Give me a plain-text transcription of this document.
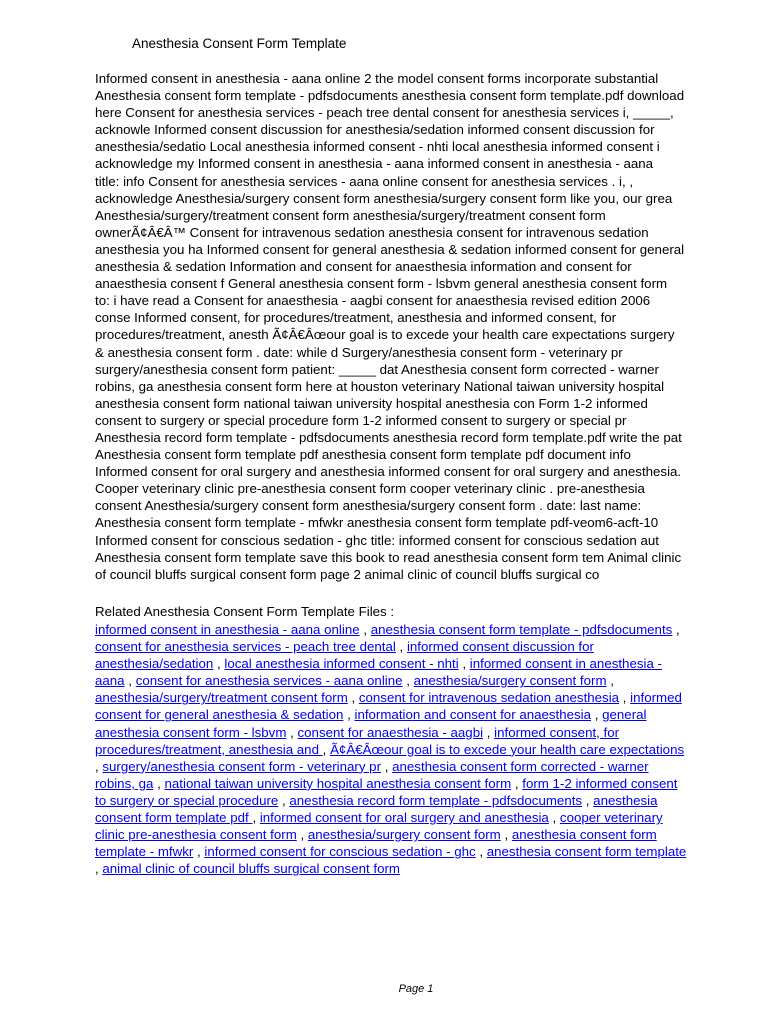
Anesthesia Consent Form Template
Informed consent in anesthesia - aana online 2 the model consent forms incorporate substantial
Anesthesia consent form template - pdfsdocuments anesthesia consent form template.pdf download
here Consent for anesthesia services - peach tree dental consent for anesthesia services i, _____,
acknowle Informed consent discussion for anesthesia/sedation informed consent discussion for
anesthesia/sedatio Local anesthesia informed consent - nhti local anesthesia informed consent i
acknowledge my Informed consent in anesthesia - aana informed consent in anesthesia - aana
title: info Consent for anesthesia services - aana online consent for anesthesia services . i, ,
acknowledge Anesthesia/surgery consent form anesthesia/surgery consent form like you, our grea
Anesthesia/surgery/treatment consent form anesthesia/surgery/treatment consent form
ownerÃ¢Â€Â™ Consent for intravenous sedation anesthesia consent for intravenous sedation
anesthesia you ha Informed consent for general anesthesia & sedation informed consent for general
anesthesia & sedation Information and consent for anaesthesia information and consent for
anaesthesia consent f General anesthesia consent form - lsbvm general anesthesia consent form
to: i have read a Consent for anaesthesia - aagbi consent for anaesthesia revised edition 2006
conse Informed consent, for procedures/treatment, anesthesia and informed consent, for
procedures/treatment, anesth Ã¢Â€Âœour goal is to excede your health care expectations surgery
& anesthesia consent form . date: while d Surgery/anesthesia consent form - veterinary pr
surgery/anesthesia consent form patient: _____ dat Anesthesia consent form corrected - warner
robins, ga anesthesia consent form here at houston veterinary National taiwan university hospital
anesthesia consent form national taiwan university hospital anesthesia con Form 1-2 informed
consent to surgery or special procedure form 1-2 informed consent to surgery or special pr
Anesthesia record form template - pdfsdocuments anesthesia record form template.pdf write the pat
Anesthesia consent form template pdf anesthesia consent form template pdf document info
Informed consent for oral surgery and anesthesia informed consent for oral surgery and anesthesia.
Cooper veterinary clinic pre-anesthesia consent form cooper veterinary clinic . pre-anesthesia
consent Anesthesia/surgery consent form anesthesia/surgery consent form . date: last name:
Anesthesia consent form template - mfwkr anesthesia consent form template pdf-veom6-acft-10
Informed consent for conscious sedation - ghc title: informed consent for conscious sedation aut
Anesthesia consent form template save this book to read anesthesia consent form tem Animal clinic
of council bluffs surgical consent form page 2 animal clinic of council bluffs surgical co
Related Anesthesia Consent Form Template Files :
informed consent in anesthesia - aana online , anesthesia consent form template - pdfsdocuments ,
consent for anesthesia services - peach tree dental , informed consent discussion for
anesthesia/sedation , local anesthesia informed consent - nhti , informed consent in anesthesia -
aana , consent for anesthesia services - aana online , anesthesia/surgery consent form ,
anesthesia/surgery/treatment consent form , consent for intravenous sedation anesthesia , informed
consent for general anesthesia & sedation , information and consent for anaesthesia , general
anesthesia consent form - lsbvm , consent for anaesthesia - aagbi , informed consent, for
procedures/treatment, anesthesia and , Ã¢Â€Âœour goal is to excede your health care expectations
, surgery/anesthesia consent form - veterinary pr , anesthesia consent form corrected - warner
robins, ga , national taiwan university hospital anesthesia consent form , form 1-2 informed consent
to surgery or special procedure , anesthesia record form template - pdfsdocuments , anesthesia
consent form template pdf , informed consent for oral surgery and anesthesia , cooper veterinary
clinic pre-anesthesia consent form , anesthesia/surgery consent form , anesthesia consent form
template - mfwkr , informed consent for conscious sedation - ghc , anesthesia consent form template
, animal clinic of council bluffs surgical consent form
Page 1
